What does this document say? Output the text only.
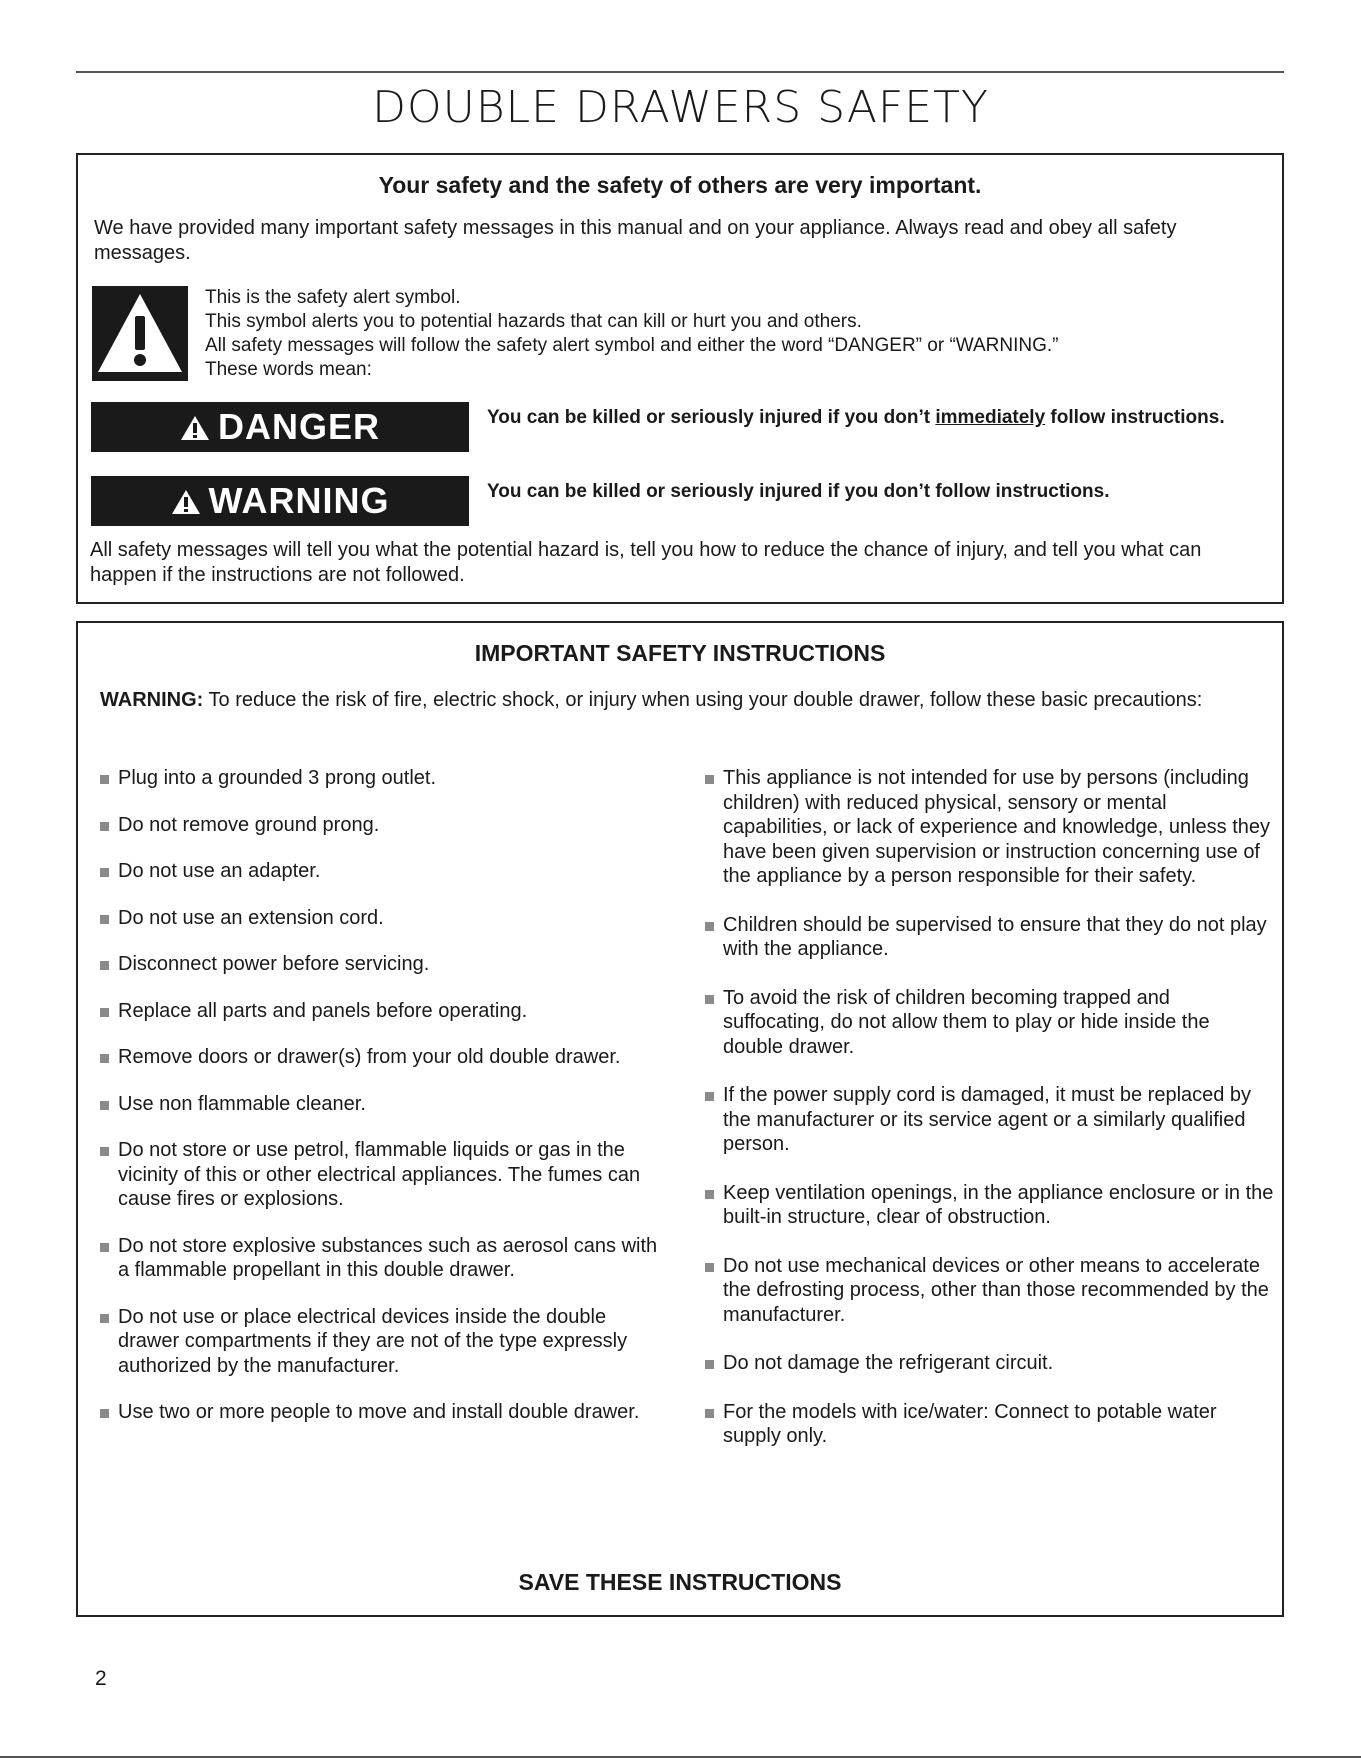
DOUBLE DRAWERS SAFETY
Your safety and the safety of others are very important.
We have provided many important safety messages in this manual and on your appliance. Always read and obey all safety messages.
This is the safety alert symbol.
This symbol alerts you to potential hazards that can kill or hurt you and others.
All safety messages will follow the safety alert symbol and either the word “DANGER” or “WARNING.”
These words mean:
DANGER	You can be killed or seriously injured if you don’t immediately follow instructions.
WARNING	You can be killed or seriously injured if you don’t follow instructions.
All safety messages will tell you what the potential hazard is, tell you how to reduce the chance of injury, and tell you what can happen if the instructions are not followed.
IMPORTANT SAFETY INSTRUCTIONS
WARNING: To reduce the risk of fire, electric shock, or injury when using your double drawer, follow these basic precautions:
Plug into a grounded 3 prong outlet.
Do not remove ground prong.
Do not use an adapter.
Do not use an extension cord.
Disconnect power before servicing.
Replace all parts and panels before operating.
Remove doors or drawer(s) from your old double drawer.
Use non flammable cleaner.
Do not store or use petrol, flammable liquids or gas in the vicinity of this or other electrical appliances. The fumes can cause fires or explosions.
Do not store explosive substances such as aerosol cans with a flammable propellant in this double drawer.
Do not use or place electrical devices inside the double drawer compartments if they are not of the type expressly authorized by the manufacturer.
Use two or more people to move and install double drawer.
This appliance is not intended for use by persons (including children) with reduced physical, sensory or mental capabilities, or lack of experience and knowledge, unless they have been given supervision or instruction concerning use of the appliance by a person responsible for their safety.
Children should be supervised to ensure that they do not play with the appliance.
To avoid the risk of children becoming trapped and suffocating, do not allow them to play or hide inside the double drawer.
If the power supply cord is damaged, it must be replaced by the manufacturer or its service agent or a similarly qualified person.
Keep ventilation openings, in the appliance enclosure or in the built-in structure, clear of obstruction.
Do not use mechanical devices or other means to accelerate the defrosting process, other than those recommended by the manufacturer.
Do not damage the refrigerant circuit.
For the models with ice/water: Connect to potable water supply only.
SAVE THESE INSTRUCTIONS
2
